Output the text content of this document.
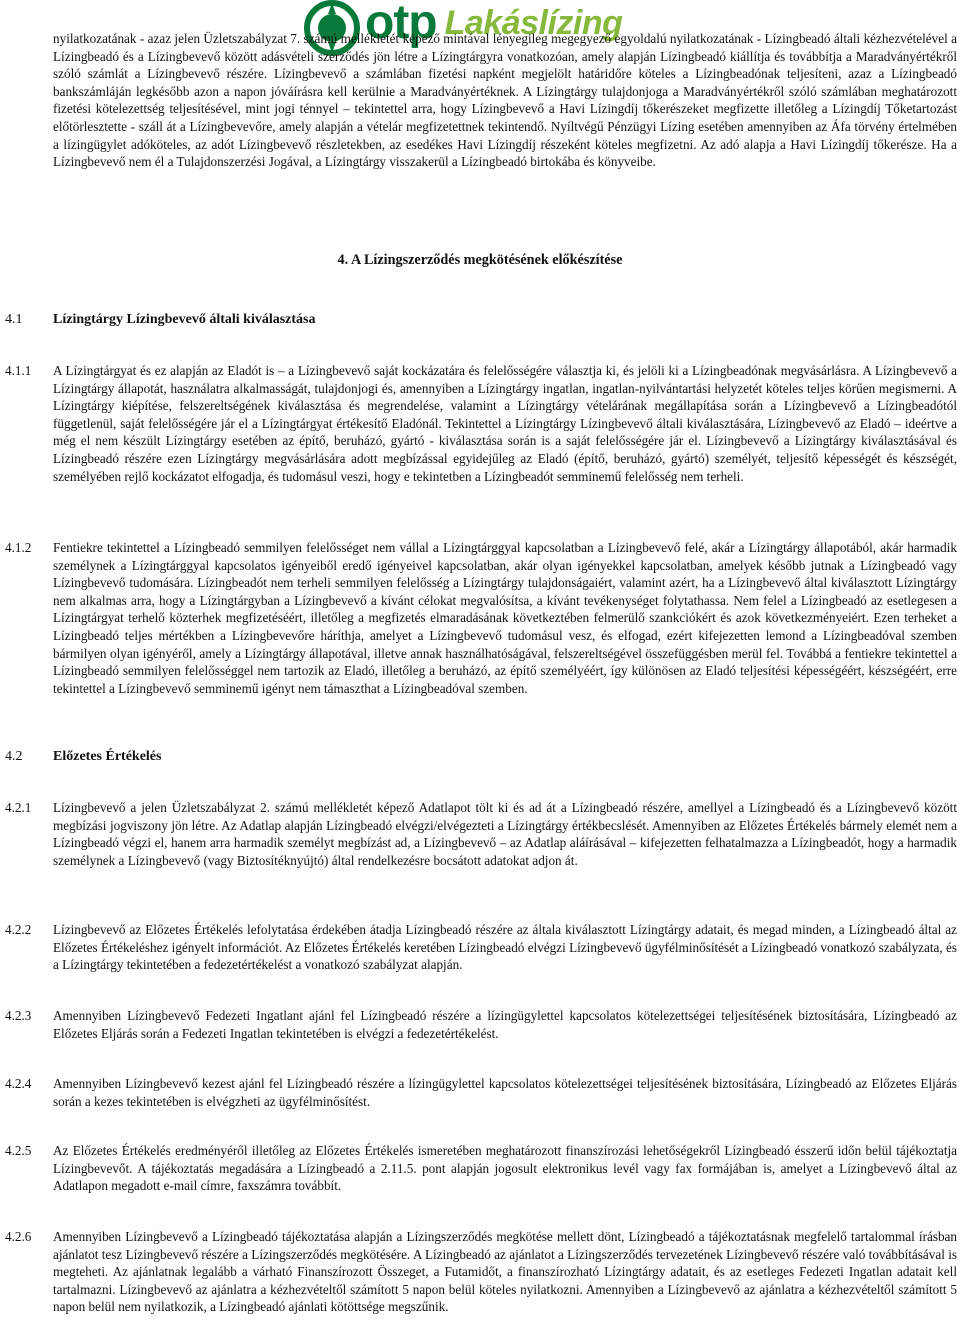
otp Lakáslízing

nyilatkozatának - azaz jelen Üzletszabályzat 7. számú mellékletét képező mintával lényegileg megegyező egyoldalú nyilatkozatának - Lízingbeadó általi kézhezvételével a Lízingbeadó és a Lízingbevevő között adásvételi szerződés jön létre a Lízingtárgyra vonatkozóan, amely alapján Lízingbeadó kiállítja és továbbítja a Maradványértékről szóló számlát a Lízingbevevő részére. Lízingbevevő a számlában fizetési napként megjelölt határidőre köteles a Lízingbeadónak teljesíteni, azaz a Lízingbeadó bankszámláján legkésőbb azon a napon jóváírásra kell kerülnie a Maradványértéknek. A Lízingtárgy tulajdonjoga a Maradványértékről szóló számlában meghatározott fizetési kötelezettség teljesítésével, mint jogi ténnyel – tekintettel arra, hogy Lízingbevevő a Havi Lízingdíj tőkerészeket megfizette illetőleg a Lízingdíj Tőketartozást előtörlesztette - száll át a Lízingbevevőre, amely alapján a vételár megfizetettnek tekintendő. Nyíltvégű Pénzügyi Lízing esetében amennyiben az Áfa törvény értelmében a lízingügylet adóköteles, az adót Lízingbevevő részletekben, az esedékes Havi Lízingdíj részeként köteles megfizetni. Az adó alapja a Havi Lízingdíj tőkerésze. Ha a Lízingbevevő nem él a Tulajdonszerzési Jogával, a Lízingtárgy visszakerül a Lízingbeadó birtokába és könyveibe.

4. A Lízingszerződés megkötésének előkészítése
4.1	Lízingtárgy Lízingbevevő általi kiválasztása
4.1.1	A Lízingtárgyat és ez alapján az Eladót is – a Lízingbevevő saját kockázatára és felelősségére választja ki, és jelöli ki a Lízingbeadónak megvásárlásra. A Lízingbevevő a Lízingtárgy állapotát, használatra alkalmasságát, tulajdonjogi és, amennyiben a Lízingtárgy ingatlan, ingatlan-nyilvántartási helyzetét köteles teljes körűen megismerni. A Lízingtárgy kiépítése, felszereltségének kiválasztása és megrendelése, valamint a Lízingtárgy vételárának megállapítása során a Lízingbevevő a Lízingbeadótól függetlenül, saját felelősségére jár el a Lízingtárgyat értékesítő Eladónál. Tekintettel a Lízingtárgy Lízingbevevő általi kiválasztására, Lízingbevevő az Eladó – ideértve a még el nem készült Lízingtárgy esetében az építő, beruházó, gyártó - kiválasztása során is a saját felelősségére jár el. Lízingbevevő a Lízingtárgy kiválasztásával és Lízingbeadó részére ezen Lízingtárgy megvásárlására adott megbízással egyidejűleg az Eladó (építő, beruházó, gyártó) személyét, teljesítő képességét és készségét, személyében rejlő kockázatot elfogadja, és tudomásul veszi, hogy e tekintetben a Lízingbeadót semminemű felelősség nem terheli.

4.1.2	Fentiekre tekintettel a Lízingbeadó semmilyen felelősséget nem vállal a Lízingtárggyal kapcsolatban a Lízingbevevő felé, akár a Lízingtárgy állapotából, akár harmadik személynek a Lízingtárggyal kapcsolatos igényeiből eredő igényeivel kapcsolatban, akár olyan igényekkel kapcsolatban, amelyek később jutnak a Lízingbeadó vagy Lízingbevevő tudomására. Lízingbeadót nem terheli semmilyen felelősség a Lízingtárgy tulajdonságaiért, valamint azért, ha a Lízingbevevő által kiválasztott Lízingtárgy nem alkalmas arra, hogy a Lízingtárgyban a Lízingbevevő a kívánt célokat megvalósítsa, a kívánt tevékenységet folytathassa. Nem felel a Lízingbeadó az esetlegesen a Lízingtárgyat terhelő közterhek megfizetéséért, illetőleg a megfizetés elmaradásának következtében felmerülő szankciókért és azok következményeiért. Ezen terheket a Lízingbeadó teljes mértékben a Lízingbevevőre háríthja, amelyet a Lízingbevevő tudomásul vesz, és elfogad, ezért kifejezetten lemond a Lízingbeadóval szemben bármilyen olyan igényéről, amely a Lízingtárgy állapotával, illetve annak használhatóságával, felszereltségével összefüggésben merül fel. Továbbá a fentiekre tekintettel a Lízingbeadó semmilyen felelősséggel nem tartozik az Eladó, illetőleg a beruházó, az építő személyéért, így különösen az Eladó teljesítési képességéért, készségéért, erre tekintettel a Lízingbevevő semminemű igényt nem támaszthat a Lízingbeadóval szemben.

4.2	Előzetes Értékelés
4.2.1	Lízingbevevő a jelen Üzletszabályzat 2. számú mellékletét képező Adatlapot tölt ki és ad át a Lízingbeadó részére, amellyel a Lízingbeadó és a Lízingbevevő között megbízási jogviszony jön létre. Az Adatlap alapján Lízingbeadó elvégzi/elvégezteti a Lízingtárgy értékbecslését. Amennyiben az Előzetes Értékelés bármely elemét nem a Lízingbeadó végzi el, hanem arra harmadik személyt megbízást ad, a Lízingbevevő – az Adatlap aláírásával – kifejezetten felhatalmazza a Lízingbeadót, hogy a harmadik személynek a Lízingbevevő (vagy Biztosítéknyújtó) által rendelkezésre bocsátott adatokat adjon át.

4.2.2	Lízingbevevő az Előzetes Értékelés lefolytatása érdekében átadja Lízingbeadó részére az általa kiválasztott Lízingtárgy adatait, és megad minden, a Lízingbeadó által az Előzetes Értékeléshez igényelt információt. Az Előzetes Értékelés keretében Lízingbeadó elvégzi Lízingbevevő ügyfélminősítését a Lízingbeadó vonatkozó szabályzata, és a Lízingtárgy tekintetében a fedezetértékelést a vonatkozó szabályzat alapján.

4.2.3	Amennyiben Lízingbevevő Fedezeti Ingatlant ajánl fel Lízingbeadó részére a lízingügylettel kapcsolatos kötelezettségei teljesítésének biztosítására, Lízingbeadó az Előzetes Eljárás során a Fedezeti Ingatlan tekintetében is elvégzi a fedezetértékelést.

4.2.4	Amennyiben Lízingbevevő kezest ajánl fel Lízingbeadó részére a lízingügylettel kapcsolatos kötelezettségei teljesítésének biztosítására, Lízingbeadó az Előzetes Eljárás során a kezes tekintetében is elvégzheti az ügyfélminősítést.

4.2.5	Az Előzetes Értékelés eredményéről illetőleg az Előzetes Értékelés ismeretében meghatározott finanszírozási lehetőségekről Lízingbeadó ésszerű időn belül tájékoztatja Lízingbevevőt. A tájékoztatás megadására a Lízingbeadó a 2.11.5. pont alapján jogosult elektronikus levél vagy fax formájában is, amelyet a Lízingbevevő által az Adatlapon megadott e-mail címre, faxszámra továbbít.

4.2.6	Amennyiben Lízingbevevő a Lízingbeadó tájékoztatása alapján a Lízingszerződés megkötése mellett dönt, Lízingbeadó a tájékoztatásnak megfelelő tartalommal írásban ajánlatot tesz Lízingbevevő részére a Lízingszerződés megkötésére. A Lízingbeadó az ajánlatot a Lízingszerződés tervezetének Lízingbevevő részére való továbbításával is megteheti. Az ajánlatnak legalább a várható Finanszírozott Összeget, a Futamidőt, a finanszírozható Lízingtárgy adatait, és az esetleges Fedezeti Ingatlan adatait kell tartalmazni. Lízingbevevő az ajánlatra a kézhezvételtől számított 5 napon belül köteles nyilatkozni. Amennyiben a Lízingbevevő az ajánlatra a kézhezvételtől számított 5 napon belül nem nyilatkozik, a Lízingbeadó ajánlati kötöttsége megszűnik.
